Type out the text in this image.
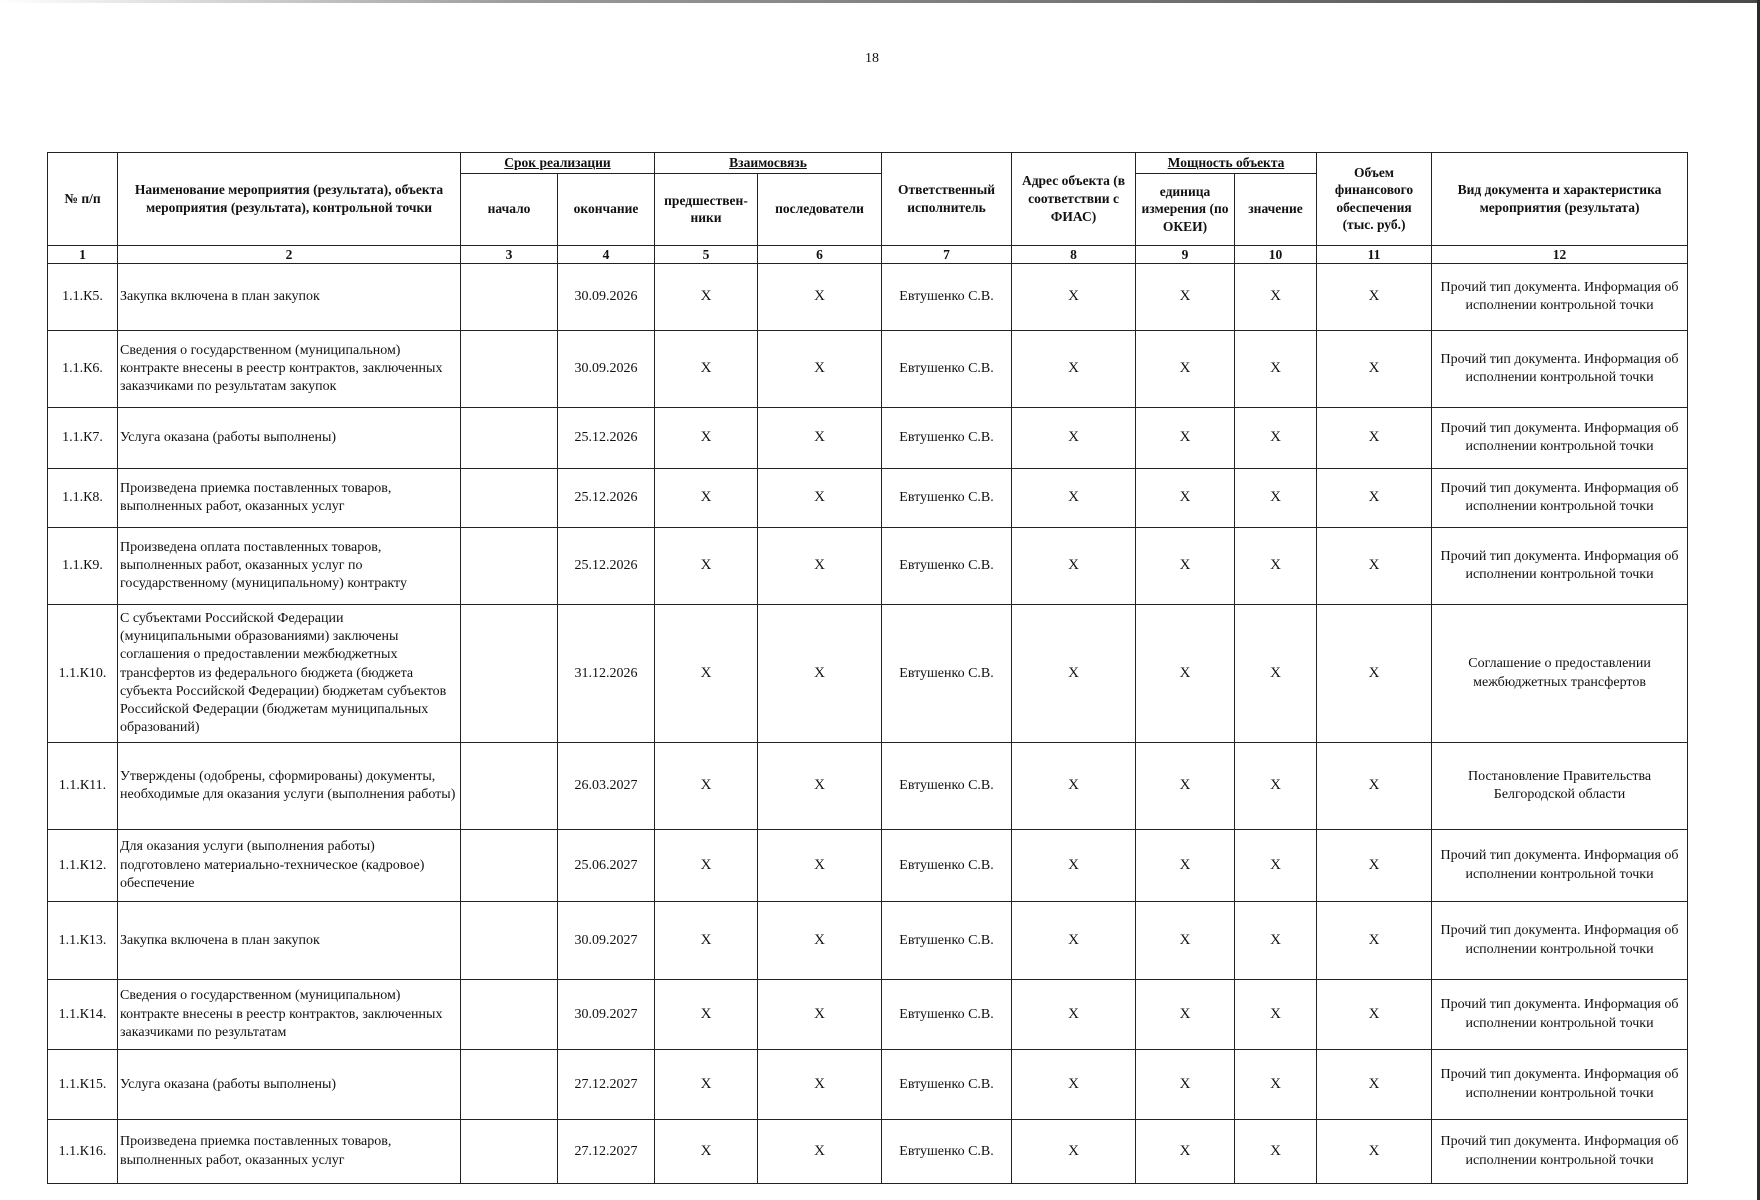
18
№ п/п	Наименование мероприятия (результата), объекта мероприятия (результата), контрольной точки	Срок реализации		Взаимосвязь		Ответственный исполнитель	Адрес объекта (в соответствии с ФИАС)	Мощность объекта		Объем финансового обеспечения (тыс. руб.)	Вид документа и характеристика мероприятия (результата)
		начало	окончание	предшествен-ники	последователи			единица измерения (по ОКЕИ)	значение		
1	2	3	4	5	6	7	8	9	10	11	12
1.1.К5.	Закупка включена в план закупок		30.09.2026	X	X	Евтушенко С.В.	X	X	X	X	Прочий тип документа. Информация об исполнении контрольной точки
1.1.К6.	Сведения о государственном (муниципальном) контракте внесены в реестр контрактов, заключенных заказчиками по результатам закупок		30.09.2026	X	X	Евтушенко С.В.	X	X	X	X	Прочий тип документа. Информация об исполнении контрольной точки
1.1.К7.	Услуга оказана (работы выполнены)		25.12.2026	X	X	Евтушенко С.В.	X	X	X	X	Прочий тип документа. Информация об исполнении контрольной точки
1.1.К8.	Произведена приемка поставленных товаров, выполненных работ, оказанных услуг		25.12.2026	X	X	Евтушенко С.В.	X	X	X	X	Прочий тип документа. Информация об исполнении контрольной точки
1.1.К9.	Произведена оплата поставленных товаров, выполненных работ, оказанных услуг по государственному (муниципальному) контракту		25.12.2026	X	X	Евтушенко С.В.	X	X	X	X	Прочий тип документа. Информация об исполнении контрольной точки
1.1.К10.	С субъектами Российской Федерации (муниципальными образованиями) заключены соглашения о предоставлении межбюджетных трансфертов из федерального бюджета (бюджета субъекта Российской Федерации) бюджетам субъектов Российской Федерации (бюджетам муниципальных образований)		31.12.2026	X	X	Евтушенко С.В.	X	X	X	X	Соглашение о предоставлении межбюджетных трансфертов
1.1.К11.	Утверждены (одобрены, сформированы) документы, необходимые для оказания услуги (выполнения работы)		26.03.2027	X	X	Евтушенко С.В.	X	X	X	X	Постановление Правительства Белгородской области
1.1.К12.	Для оказания услуги (выполнения работы) подготовлено материально-техническое (кадровое) обеспечение		25.06.2027	X	X	Евтушенко С.В.	X	X	X	X	Прочий тип документа. Информация об исполнении контрольной точки
1.1.К13.	Закупка включена в план закупок		30.09.2027	X	X	Евтушенко С.В.	X	X	X	X	Прочий тип документа. Информация об исполнении контрольной точки
1.1.К14.	Сведения о государственном (муниципальном) контракте внесены в реестр контрактов, заключенных заказчиками по результатам		30.09.2027	X	X	Евтушенко С.В.	X	X	X	X	Прочий тип документа. Информация об исполнении контрольной точки
1.1.К15.	Услуга оказана (работы выполнены)		27.12.2027	X	X	Евтушенко С.В.	X	X	X	X	Прочий тип документа. Информация об исполнении контрольной точки
1.1.К16.	Произведена приемка поставленных товаров, выполненных работ, оказанных услуг		27.12.2027	X	X	Евтушенко С.В.	X	X	X	X	Прочий тип документа. Информация об исполнении контрольной точки
